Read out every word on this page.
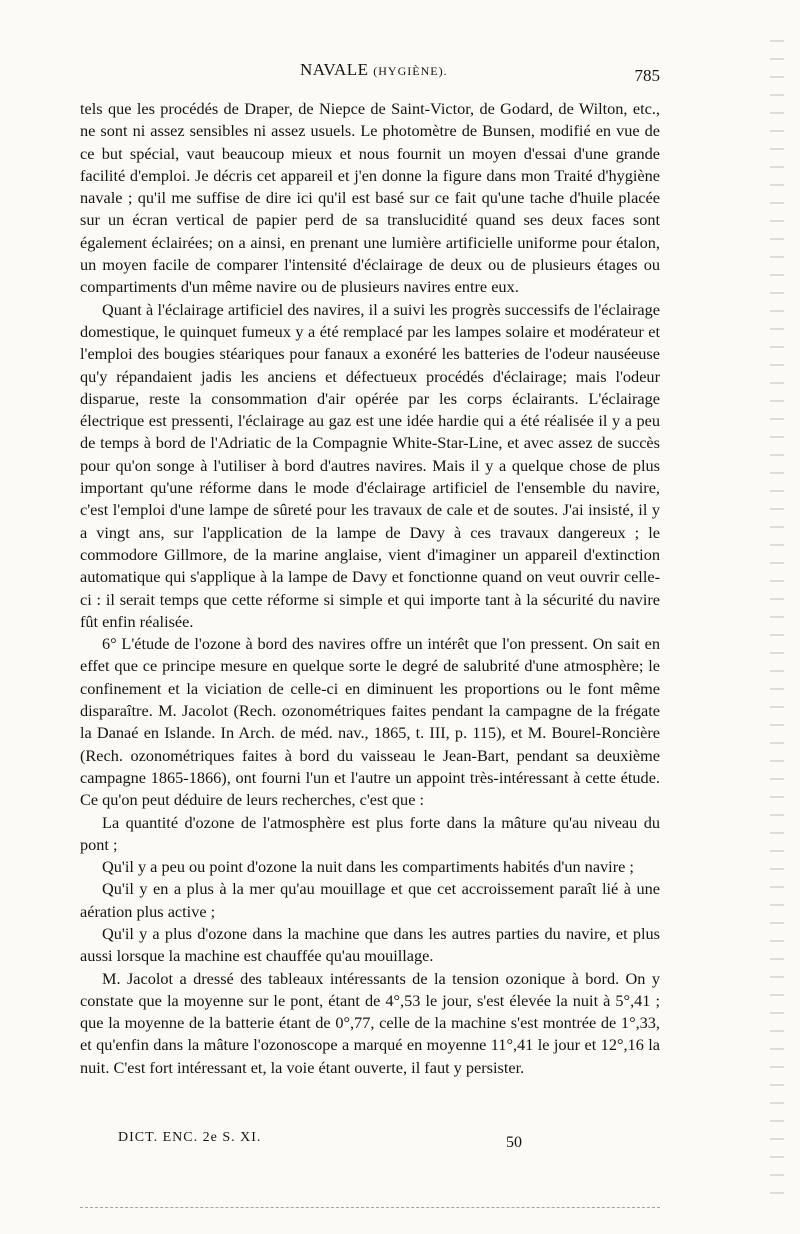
NAVALE (HYGIÈNE).	785

tels que les procédés de Draper, de Niepce de Saint-Victor, de Godard, de Wilton, etc., ne sont ni assez sensibles ni assez usuels. Le photomètre de Bunsen, modifié en vue de ce but spécial, vaut beaucoup mieux et nous fournit un moyen d'essai d'une grande facilité d'emploi. Je décris cet appareil et j'en donne la figure dans mon Traité d'hygiène navale ; qu'il me suffise de dire ici qu'il est basé sur ce fait qu'une tache d'huile placée sur un écran vertical de papier perd de sa translucidité quand ses deux faces sont également éclairées; on a ainsi, en prenant une lumière artificielle uniforme pour étalon, un moyen facile de comparer l'intensité d'éclairage de deux ou de plusieurs étages ou compartiments d'un même navire ou de plusieurs navires entre eux.

Quant à l'éclairage artificiel des navires, il a suivi les progrès successifs de l'éclairage domestique, le quinquet fumeux y a été remplacé par les lampes solaire et modérateur et l'emploi des bougies stéariques pour fanaux a exonéré les batteries de l'odeur nauséeuse qu'y répandaient jadis les anciens et défectueux procédés d'éclairage; mais l'odeur disparue, reste la consommation d'air opérée par les corps éclairants. L'éclairage électrique est pressenti, l'éclairage au gaz est une idée hardie qui a été réalisée il y a peu de temps à bord de l'Adriatic de la Compagnie White-Star-Line, et avec assez de succès pour qu'on songe à l'utiliser à bord d'autres navires. Mais il y a quelque chose de plus important qu'une réforme dans le mode d'éclairage artificiel de l'ensemble du navire, c'est l'emploi d'une lampe de sûreté pour les travaux de cale et de soutes. J'ai insisté, il y a vingt ans, sur l'application de la lampe de Davy à ces travaux dangereux ; le commodore Gillmore, de la marine anglaise, vient d'imaginer un appareil d'extinction automatique qui s'applique à la lampe de Davy et fonctionne quand on veut ouvrir celle-ci : il serait temps que cette réforme si simple et qui importe tant à la sécurité du navire fût enfin réalisée.

6° L'étude de l'ozone à bord des navires offre un intérêt que l'on pressent. On sait en effet que ce principe mesure en quelque sorte le degré de salubrité d'une atmosphère; le confinement et la viciation de celle-ci en diminuent les proportions ou le font même disparaître. M. Jacolot (Rech. ozonométriques faites pendant la campagne de la frégate la Danaé en Islande. In Arch. de méd. nav., 1865, t. III, p. 115), et M. Bourel-Roncière (Rech. ozonométriques faites à bord du vaisseau le Jean-Bart, pendant sa deuxième campagne 1865-1866), ont fourni l'un et l'autre un appoint très-intéressant à cette étude. Ce qu'on peut déduire de leurs recherches, c'est que :

La quantité d'ozone de l'atmosphère est plus forte dans la mâture qu'au niveau du pont ;

Qu'il y a peu ou point d'ozone la nuit dans les compartiments habités d'un navire ;

Qu'il y en a plus à la mer qu'au mouillage et que cet accroissement paraît lié à une aération plus active ;

Qu'il y a plus d'ozone dans la machine que dans les autres parties du navire, et plus aussi lorsque la machine est chauffée qu'au mouillage.

M. Jacolot a dressé des tableaux intéressants de la tension ozonique à bord. On y constate que la moyenne sur le pont, étant de 4°,53 le jour, s'est élevée la nuit à 5°,41 ; que la moyenne de la batterie étant de 0°,77, celle de la machine s'est montrée de 1°,33, et qu'enfin dans la mâture l'ozonoscope a marqué en moyenne 11°,41 le jour et 12°,16 la nuit. C'est fort intéressant et, la voie étant ouverte, il faut y persister.

DICT. ENC. 2e S. XI.	50
